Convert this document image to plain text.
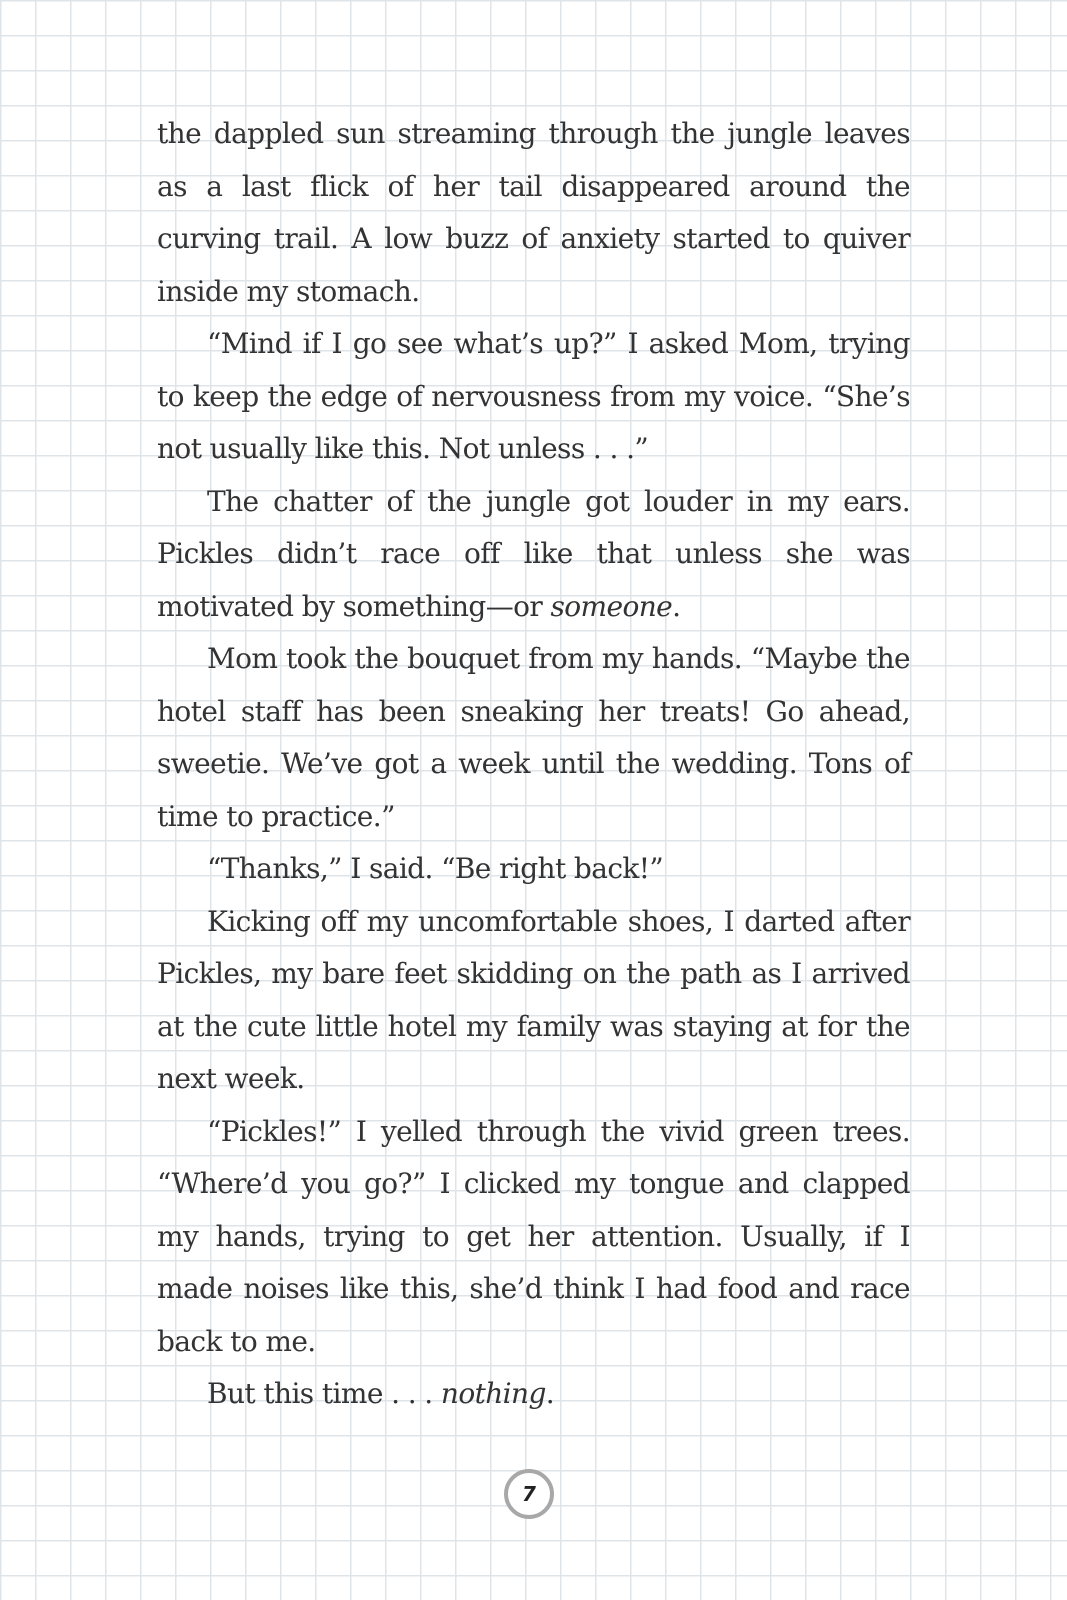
the dappled sun streaming through the jungle leaves as a last flick of her tail disappeared around the curving trail. A low buzz of anxiety started to quiver inside my stomach.

“Mind if I go see what’s up?” I asked Mom, trying to keep the edge of nervousness from my voice. “She’s not usually like this. Not unless . . .”

The chatter of the jungle got louder in my ears. Pickles didn’t race off like that unless she was motivated by something—or someone.

Mom took the bouquet from my hands. “Maybe the hotel staff has been sneaking her treats! Go ahead, sweetie. We’ve got a week until the wedding. Tons of time to practice.”

“Thanks,” I said. “Be right back!”

Kicking off my uncomfortable shoes, I darted after Pickles, my bare feet skidding on the path as I arrived at the cute little hotel my family was staying at for the next week.

“Pickles!” I yelled through the vivid green trees. “Where’d you go?” I clicked my tongue and clapped my hands, trying to get her attention. Usually, if I made noises like this, she’d think I had food and race back to me.

But this time . . . nothing.

7
